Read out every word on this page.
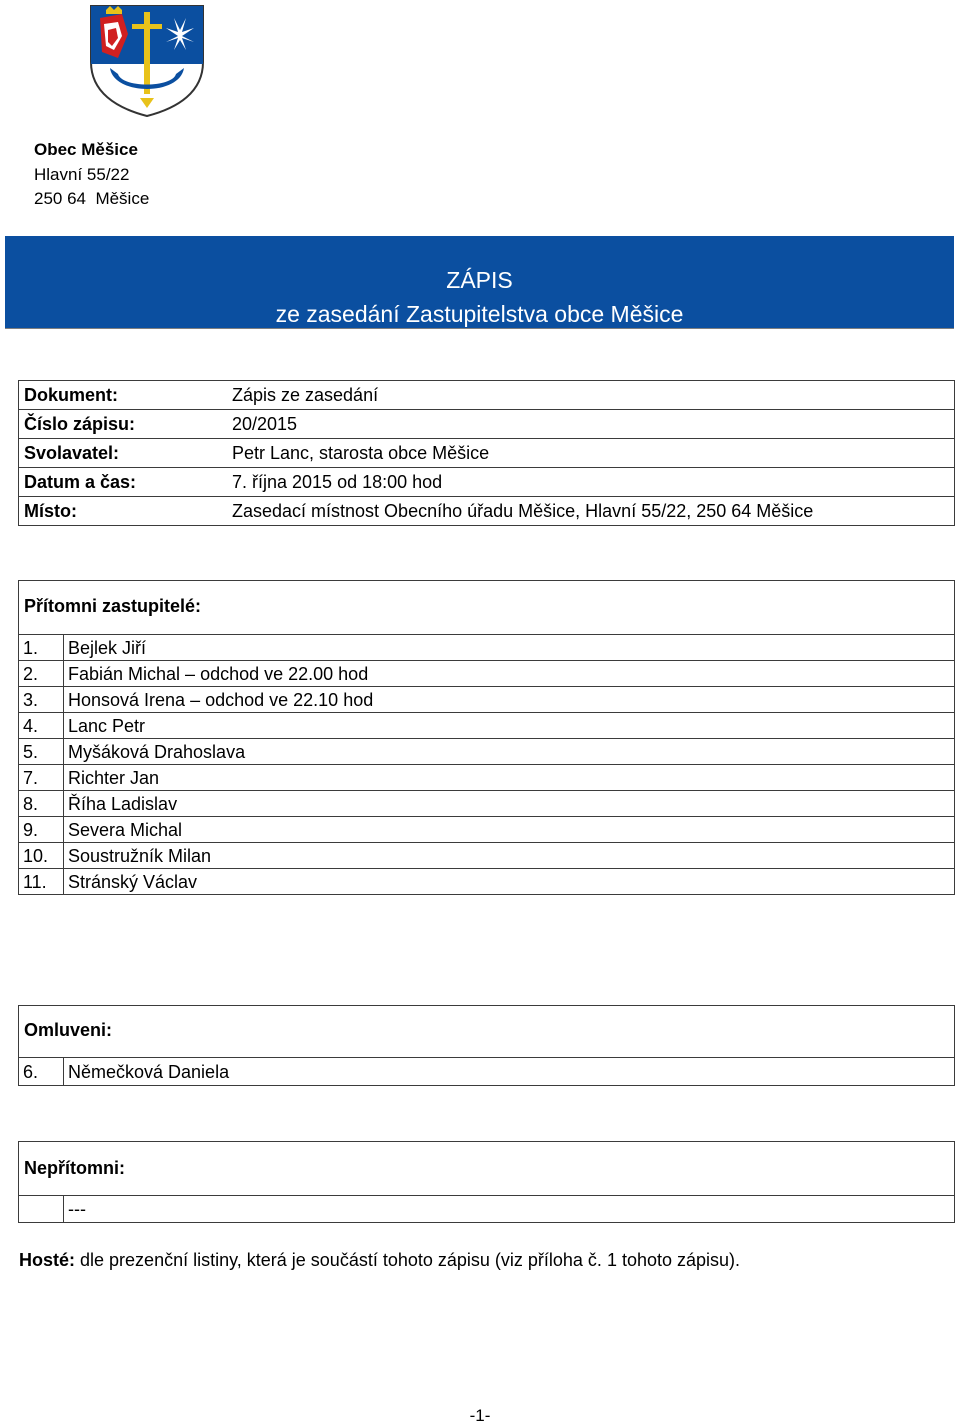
Obec Měšice
Hlavní 55/22
250 64  Měšice
ZÁPIS
ze zasedání Zastupitelstva obce Měšice
Dokument:	Zápis ze zasedání
Číslo zápisu:	20/2015
Svolavatel:	Petr Lanc, starosta obce Měšice
Datum a čas:	7. října 2015 od 18:00 hod
Místo:	Zasedací místnost Obecního úřadu Měšice, Hlavní 55/22, 250 64 Měšice
Přítomni zastupitelé:
1.	Bejlek Jiří
2.	Fabián Michal – odchod ve 22.00 hod
3.	Honsová Irena – odchod ve 22.10 hod
4.	Lanc Petr
5.	Myšáková Drahoslava
7.	Richter Jan
8.	Říha Ladislav
9.	Severa Michal
10.	Soustružník Milan
11.	Stránský Václav
Omluveni:
6.	Němečková Daniela
Nepřítomni:
	---
Hosté: dle prezenční listiny, která je součástí tohoto zápisu (viz příloha č. 1 tohoto zápisu).
-1-
